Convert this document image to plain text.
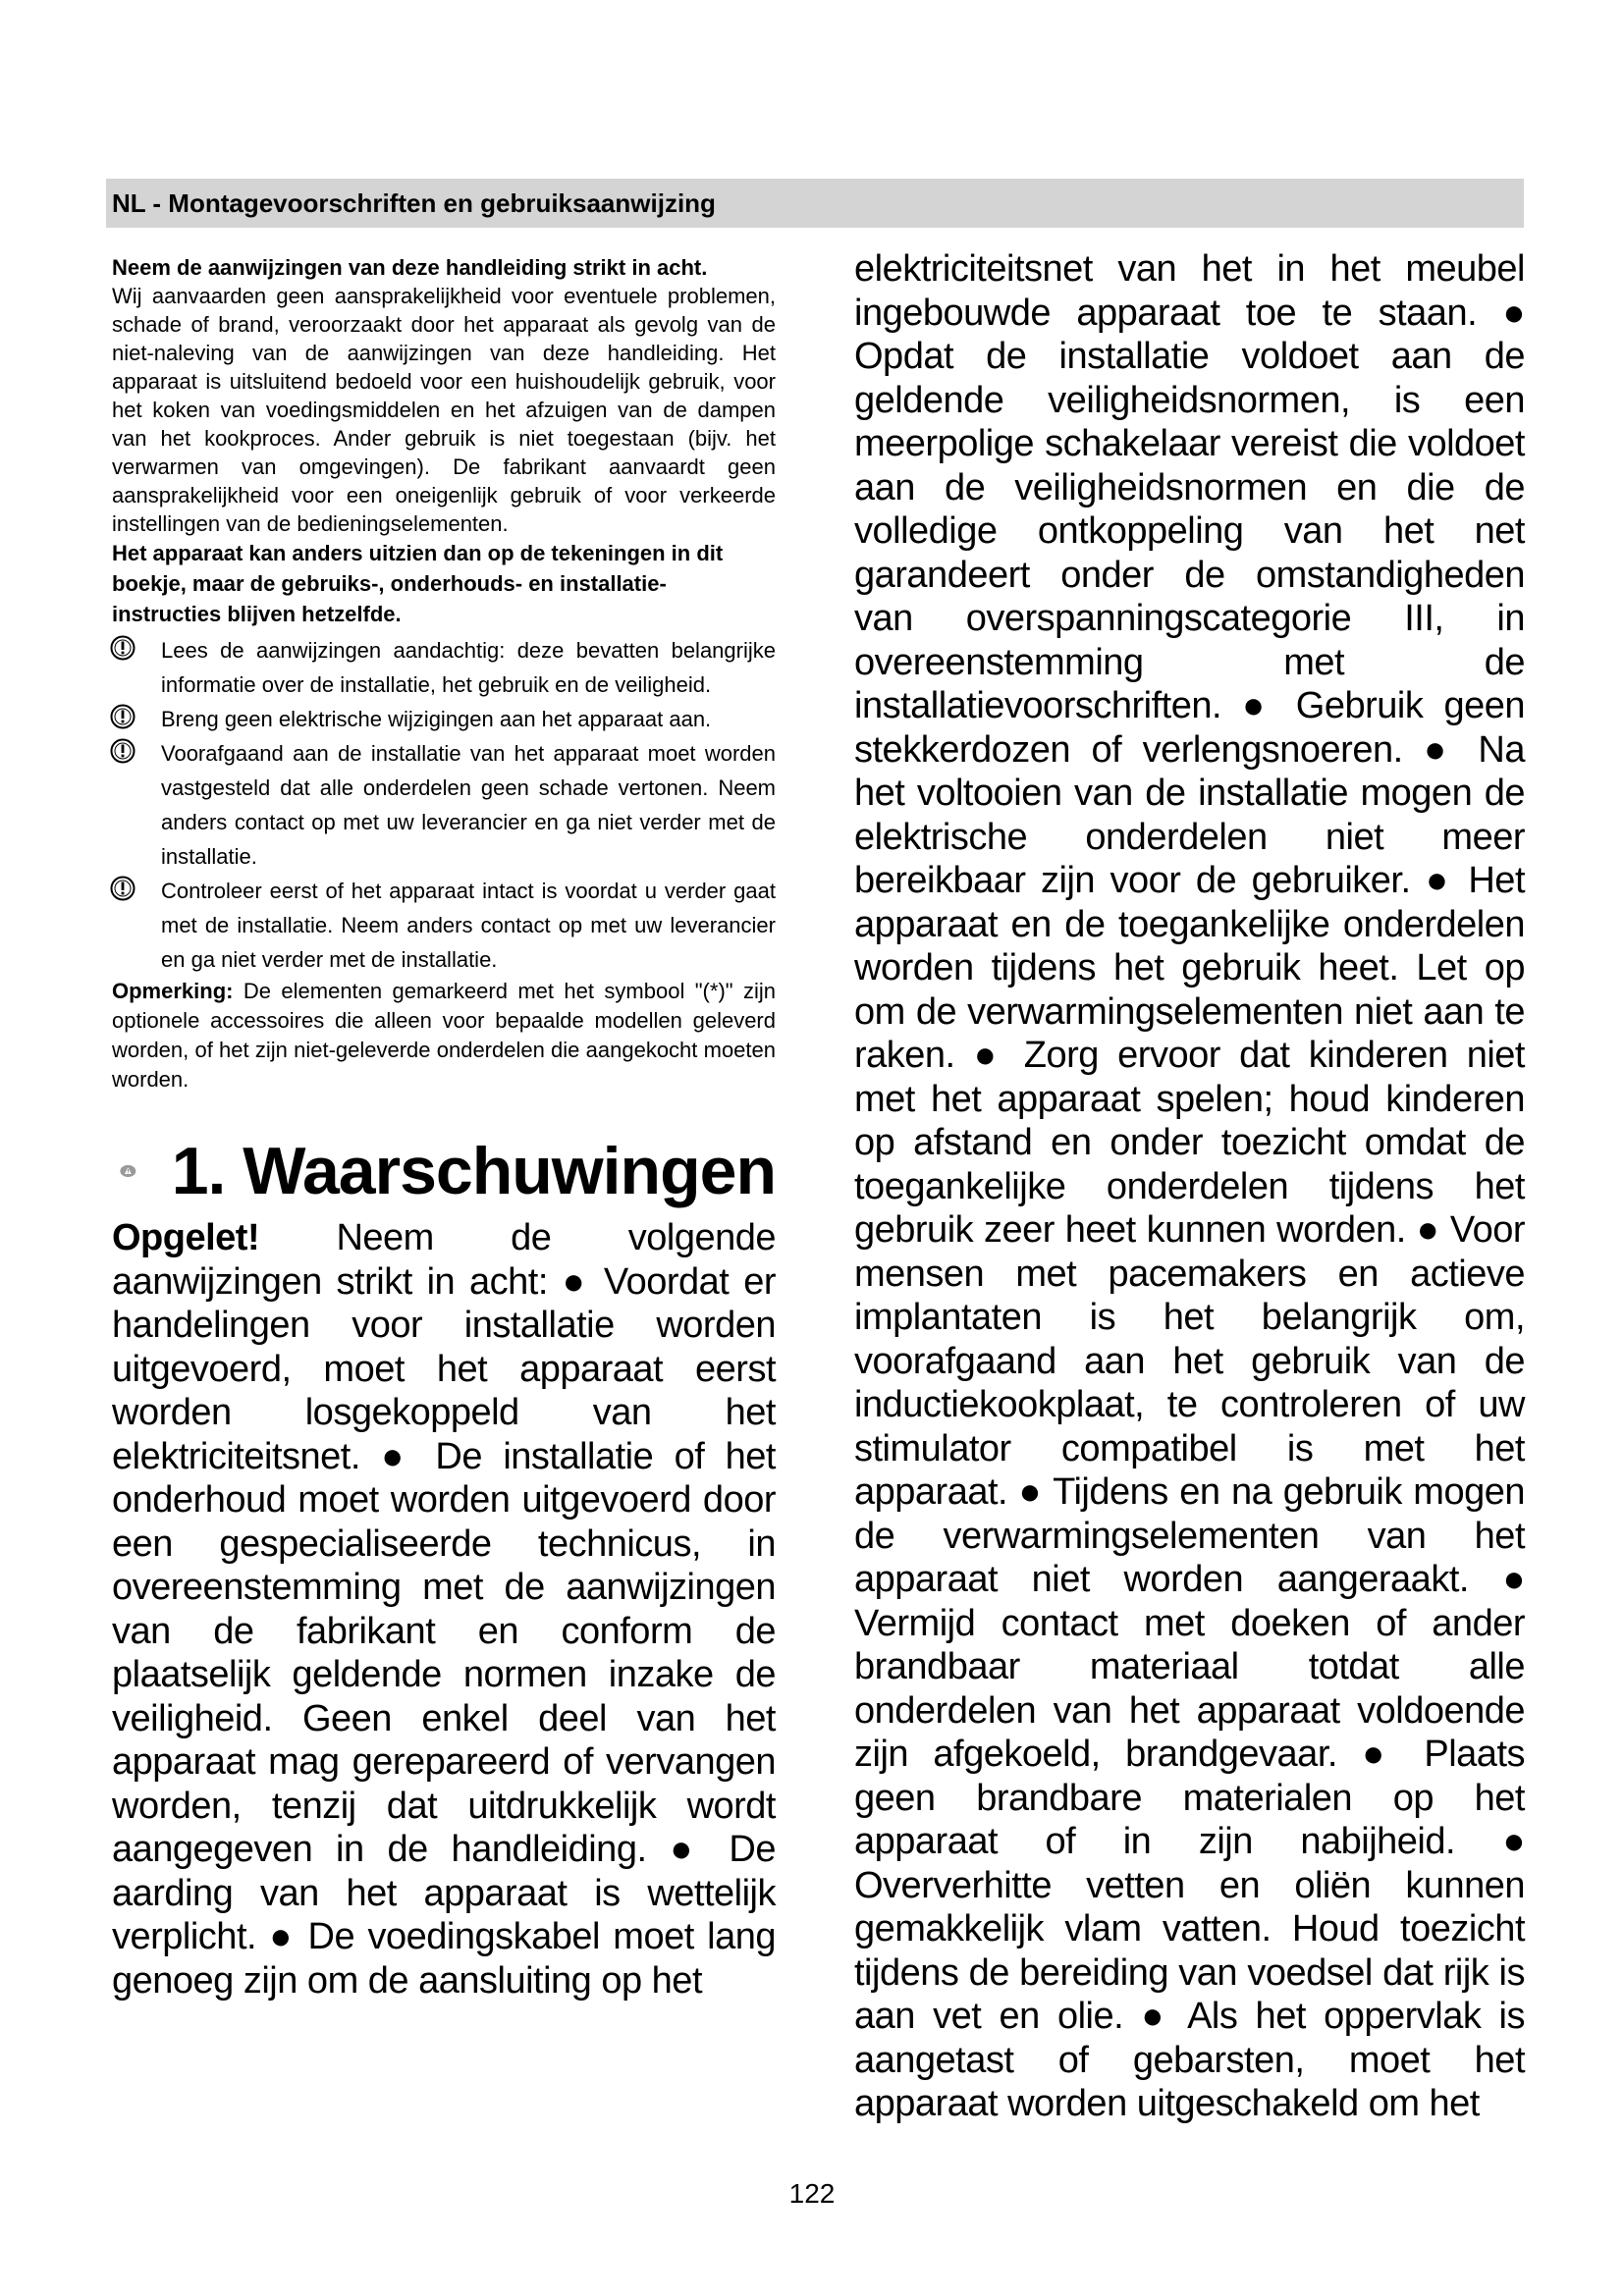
NL - Montagevoorschriften en gebruiksaanwijzing

Neem de aanwijzingen van deze handleiding strikt in acht.

Wij aanvaarden geen aansprakelijkheid voor eventuele problemen, schade of brand, veroorzaakt door het apparaat als gevolg van de niet-naleving van de aanwijzingen van deze handleiding. Het apparaat is uitsluitend bedoeld voor een huishoudelijk gebruik, voor het koken van voedingsmiddelen en het afzuigen van de dampen van het kookproces. Ander gebruik is niet toegestaan (bijv. het verwarmen van omgevingen). De fabrikant aanvaardt geen aansprakelijkheid voor een oneigenlijk gebruik of voor verkeerde instellingen van de bedieningselementen.

Het apparaat kan anders uitzien dan op de tekeningen in dit boekje, maar de gebruiks-, onderhouds- en installatie-instructies blijven hetzelfde.

Lees de aanwijzingen aandachtig: deze bevatten belangrijke informatie over de installatie, het gebruik en de veiligheid.

Breng geen elektrische wijzigingen aan het apparaat aan.

Voorafgaand aan de installatie van het apparaat moet worden vastgesteld dat alle onderdelen geen schade vertonen. Neem anders contact op met uw leverancier en ga niet verder met de installatie.

Controleer eerst of het apparaat intact is voordat u verder gaat met de installatie. Neem anders contact op met uw leverancier en ga niet verder met de installatie.

Opmerking: De elementen gemarkeerd met het symbool "(*)" zijn optionele accessoires die alleen voor bepaalde modellen geleverd worden, of het zijn niet-geleverde onderdelen die aangekocht moeten worden.

1. Waarschuwingen

Opgelet! Neem de volgende aanwijzingen strikt in acht: ● Voordat er handelingen voor installatie worden uitgevoerd, moet het apparaat eerst worden losgekoppeld van het elektriciteitsnet. ● De installatie of het onderhoud moet worden uitgevoerd door een gespecialiseerde technicus, in overeenstemming met de aanwijzingen van de fabrikant en conform de plaatselijk geldende normen inzake de veiligheid. Geen enkel deel van het apparaat mag gerepareerd of vervangen worden, tenzij dat uitdrukkelijk wordt aangegeven in de handleiding. ● De aarding van het apparaat is wettelijk verplicht. ● De voedingskabel moet lang genoeg zijn om de aansluiting op het

elektriciteitsnet van het in het meubel ingebouwde apparaat toe te staan. ● Opdat de installatie voldoet aan de geldende veiligheidsnormen, is een meerpolige schakelaar vereist die voldoet aan de veiligheidsnormen en die de volledige ontkoppeling van het net garandeert onder de omstandigheden van overspanningscategorie III, in overeenstemming met de installatievoorschriften. ● Gebruik geen stekkerdozen of verlengsnoeren. ● Na het voltooien van de installatie mogen de elektrische onderdelen niet meer bereikbaar zijn voor de gebruiker. ● Het apparaat en de toegankelijke onderdelen worden tijdens het gebruik heet. Let op om de verwarmingselementen niet aan te raken. ● Zorg ervoor dat kinderen niet met het apparaat spelen; houd kinderen op afstand en onder toezicht omdat de toegankelijke onderdelen tijdens het gebruik zeer heet kunnen worden. ● Voor mensen met pacemakers en actieve implantaten is het belangrijk om, voorafgaand aan het gebruik van de inductiekookplaat, te controleren of uw stimulator compatibel is met het apparaat. ● Tijdens en na gebruik mogen de verwarmingselementen van het apparaat niet worden aangeraakt. ● Vermijd contact met doeken of ander brandbaar materiaal totdat alle onderdelen van het apparaat voldoende zijn afgekoeld, brandgevaar. ● Plaats geen brandbare materialen op het apparaat of in zijn nabijheid. ● Oververhitte vetten en oliën kunnen gemakkelijk vlam vatten. Houd toezicht tijdens de bereiding van voedsel dat rijk is aan vet en olie. ● Als het oppervlak is aangetast of gebarsten, moet het apparaat worden uitgeschakeld om het

122
